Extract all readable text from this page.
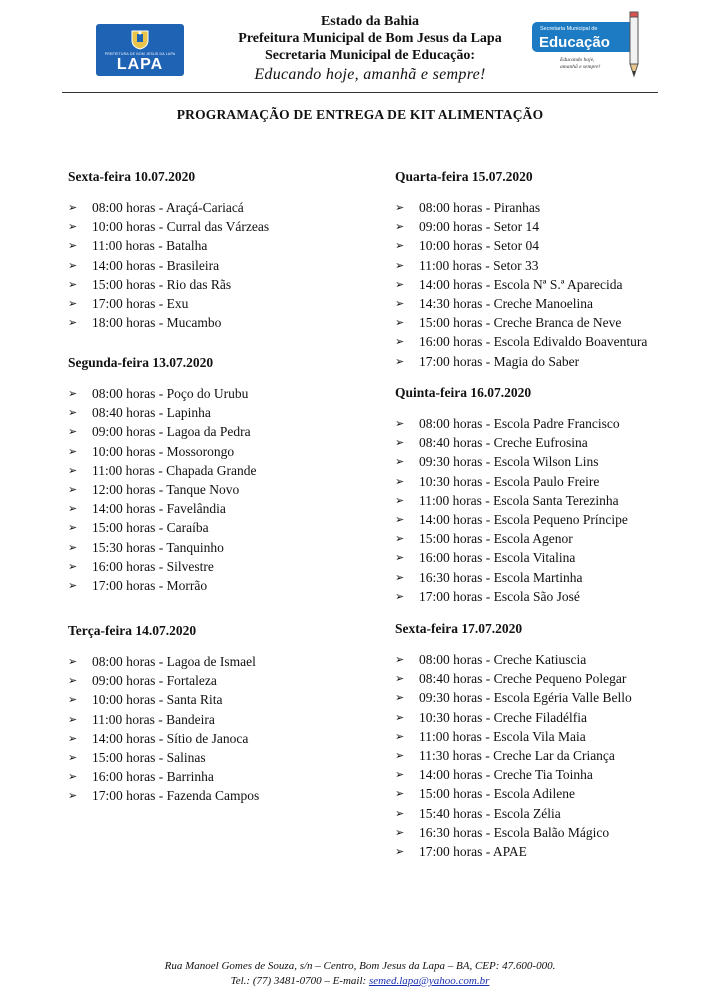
PREFEITURA DE BOM JESUS DA LAPA
LAPA
Estado da Bahia
Prefeitura Municipal de Bom Jesus da Lapa
Secretaria Municipal de Educação:
Educando hoje, amanhã e sempre!
Secretaria Municipal de
Educação
Educando hoje,
amanhã e sempre!
PROGRAMAÇÃO DE ENTREGA DE KIT ALIMENTAÇÃO
Sexta-feira 10.07.2020
➢ 08:00 horas - Araçá-Cariacá
➢ 10:00 horas - Curral das Várzeas
➢ 11:00 horas - Batalha
➢ 14:00 horas - Brasileira
➢ 15:00 horas - Rio das Rãs
➢ 17:00 horas - Exu
➢ 18:00 horas - Mucambo
Segunda-feira 13.07.2020
➢ 08:00 horas - Poço do Urubu
➢ 08:40 horas - Lapinha
➢ 09:00 horas - Lagoa da Pedra
➢ 10:00 horas - Mossorongo
➢ 11:00 horas - Chapada Grande
➢ 12:00 horas - Tanque Novo
➢ 14:00 horas - Favelândia
➢ 15:00 horas - Caraíba
➢ 15:30 horas - Tanquinho
➢ 16:00 horas - Silvestre
➢ 17:00 horas - Morrão
Terça-feira 14.07.2020
➢ 08:00 horas - Lagoa de Ismael
➢ 09:00 horas - Fortaleza
➢ 10:00 horas - Santa Rita
➢ 11:00 horas - Bandeira
➢ 14:00 horas - Sítio de Janoca
➢ 15:00 horas - Salinas
➢ 16:00 horas - Barrinha
➢ 17:00 horas - Fazenda Campos
Quarta-feira 15.07.2020
➢ 08:00 horas - Piranhas
➢ 09:00 horas - Setor 14
➢ 10:00 horas - Setor 04
➢ 11:00 horas - Setor 33
➢ 14:00 horas - Escola Nª S.ª Aparecida
➢ 14:30 horas - Creche Manoelina
➢ 15:00 horas - Creche Branca de Neve
➢ 16:00 horas - Escola Edivaldo Boaventura
➢ 17:00 horas - Magia do Saber
Quinta-feira 16.07.2020
➢ 08:00 horas - Escola Padre Francisco
➢ 08:40 horas - Creche Eufrosina
➢ 09:30 horas - Escola Wilson Lins
➢ 10:30 horas - Escola Paulo Freire
➢ 11:00 horas - Escola Santa Terezinha
➢ 14:00 horas - Escola Pequeno Príncipe
➢ 15:00 horas - Escola Agenor
➢ 16:00 horas - Escola Vitalina
➢ 16:30 horas - Escola Martinha
➢ 17:00 horas - Escola São José
Sexta-feira 17.07.2020
➢ 08:00 horas - Creche Katiuscia
➢ 08:40 horas - Creche Pequeno Polegar
➢ 09:30 horas - Escola Egéria Valle Bello
➢ 10:30 horas - Creche Filadélfia
➢ 11:00 horas - Escola Vila Maia
➢ 11:30 horas - Creche Lar da Criança
➢ 14:00 horas - Creche Tia Toinha
➢ 15:00 horas - Escola Adilene
➢ 15:40 horas - Escola Zélia
➢ 16:30 horas - Escola Balão Mágico
➢ 17:00 horas - APAE
Rua Manoel Gomes de Souza, s/n – Centro, Bom Jesus da Lapa – BA, CEP: 47.600-000.
Tel.: (77) 3481-0700 – E-mail: semed.lapa@yahoo.com.br
